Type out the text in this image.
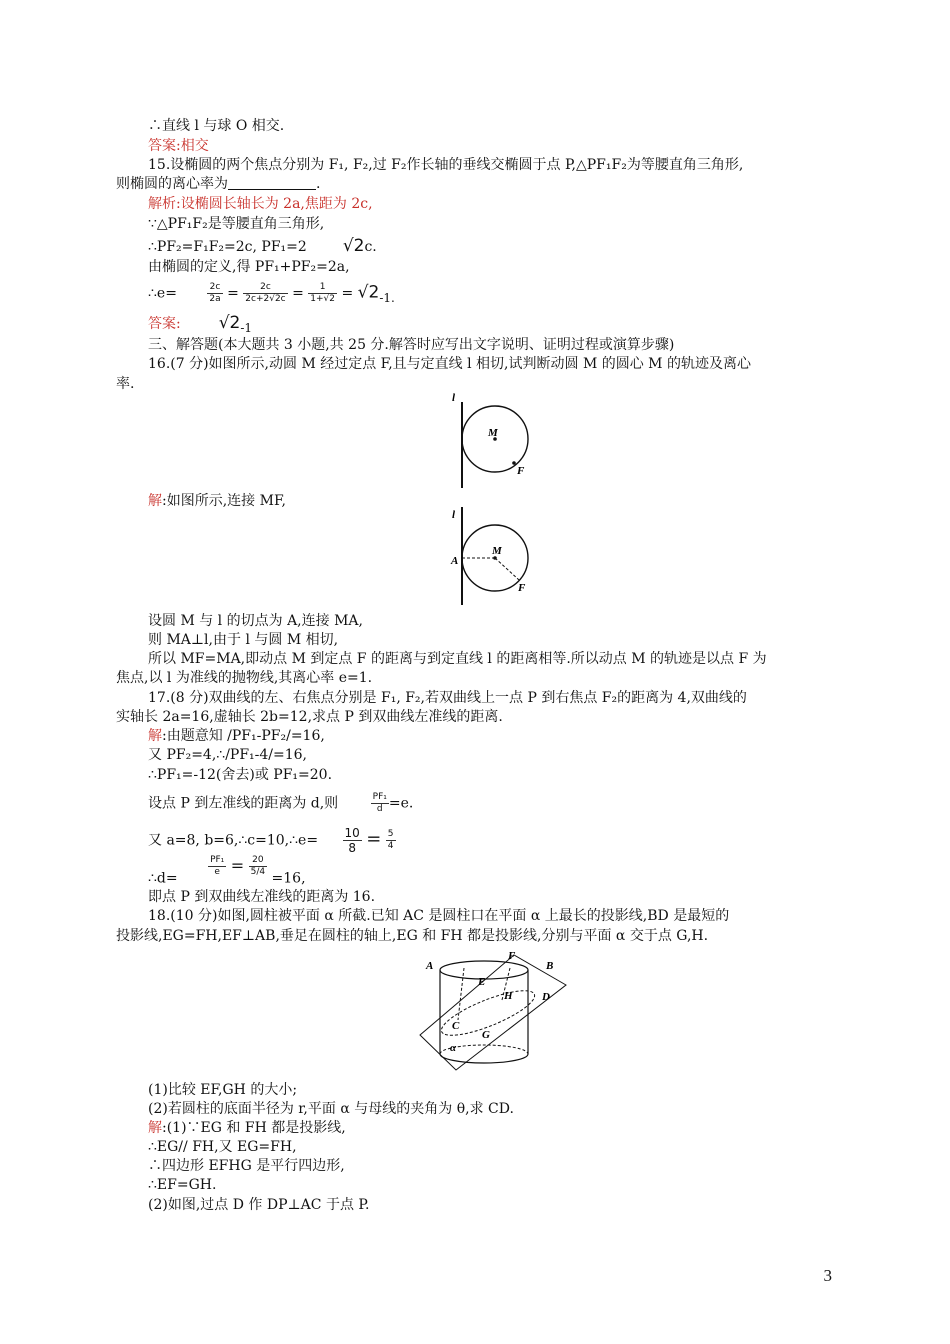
∴直线 l 与球 O 相交.
答案:相交
15.设椭圆的两个焦点分别为 F₁, F₂,过 F₂作长轴的垂线交椭圆于点 P,△PF₁F₂为等腰直角三角形,
则椭圆的离心率为	.
解析:设椭圆长轴长为 2a,焦距为 2c,
∵△PF₁F₂是等腰直角三角形,
∴PF₂=F₁F₂=2c, PF₁=2 √2c.
由椭圆的定义,得 PF₁+PF₂=2a,
∴e=	$\frac{2c}{2a} = \frac{2c}{2c+2√2c} = \frac{1}{1+√2} = √2-1$.
答案: √2-1
三、解答题(本大题共 3 小题,共 25 分.解答时应写出文字说明、证明过程或演算步骤)
16.(7 分)如图所示,动圆 M 经过定点 F,且与定直线 l 相切,试判断动圆 M 的圆心 M 的轨迹及离心
率.
l
M
F
解:如图所示,连接 MF,
l
A
M
F
设圆 M 与 l 的切点为 A,连接 MA,
则 MA⊥l,由于 l 与圆 M 相切,
所以 MF=MA,即动点 M 到定点 F 的距离与到定直线 l 的距离相等.所以动点 M 的轨迹是以点 F 为
焦点,以 l 为准线的抛物线,其离心率 e=1.
17.(8 分)双曲线的左、右焦点分别是 F₁, F₂,若双曲线上一点 P 到右焦点 F₂的距离为 4,双曲线的
实轴长 2a=16,虚轴长 2b=12,求点 P 到双曲线左准线的距离.
解:由题意知 /PF₁-PF₂/=16,
又 PF₂=4,∴/PF₁-4/=16,
∴PF₁=-12(舍去)或 PF₁=20.
设点 P 到左准线的距离为 d,则	$\frac{\text{PF₁}}{d} =e$.
又 a=8, b=6,∴c=10,∴e= $\frac{10}{8} = \frac{5}{4}$
∴d=
$\frac{\text{PF₁}}{e} = \frac{20}{5/4}$
=16,
即点 P 到双曲线左准线的距离为 16.
18.(10 分)如图,圆柱被平面 α 所截.已知 AC 是圆柱口在平面 α 上最长的投影线,BD 是最短的
投影线,EG=FH,EF⊥AB,垂足在圆柱的轴上,EG 和 FH 都是投影线,分别与平面 α 交于点 G,H.
A
F
B
E
H	D
C
G
α
(1)比较 EF,GH 的大小;
(2)若圆柱的底面半径为 r,平面 α 与母线的夹角为 θ,求 CD.
解:(1)∵EG 和 FH 都是投影线,
∴EG// FH,又 EG=FH,
∴四边形 EFHG 是平行四边形,
∴EF=GH.
(2)如图,过点 D 作 DP⊥AC 于点 P.
3
